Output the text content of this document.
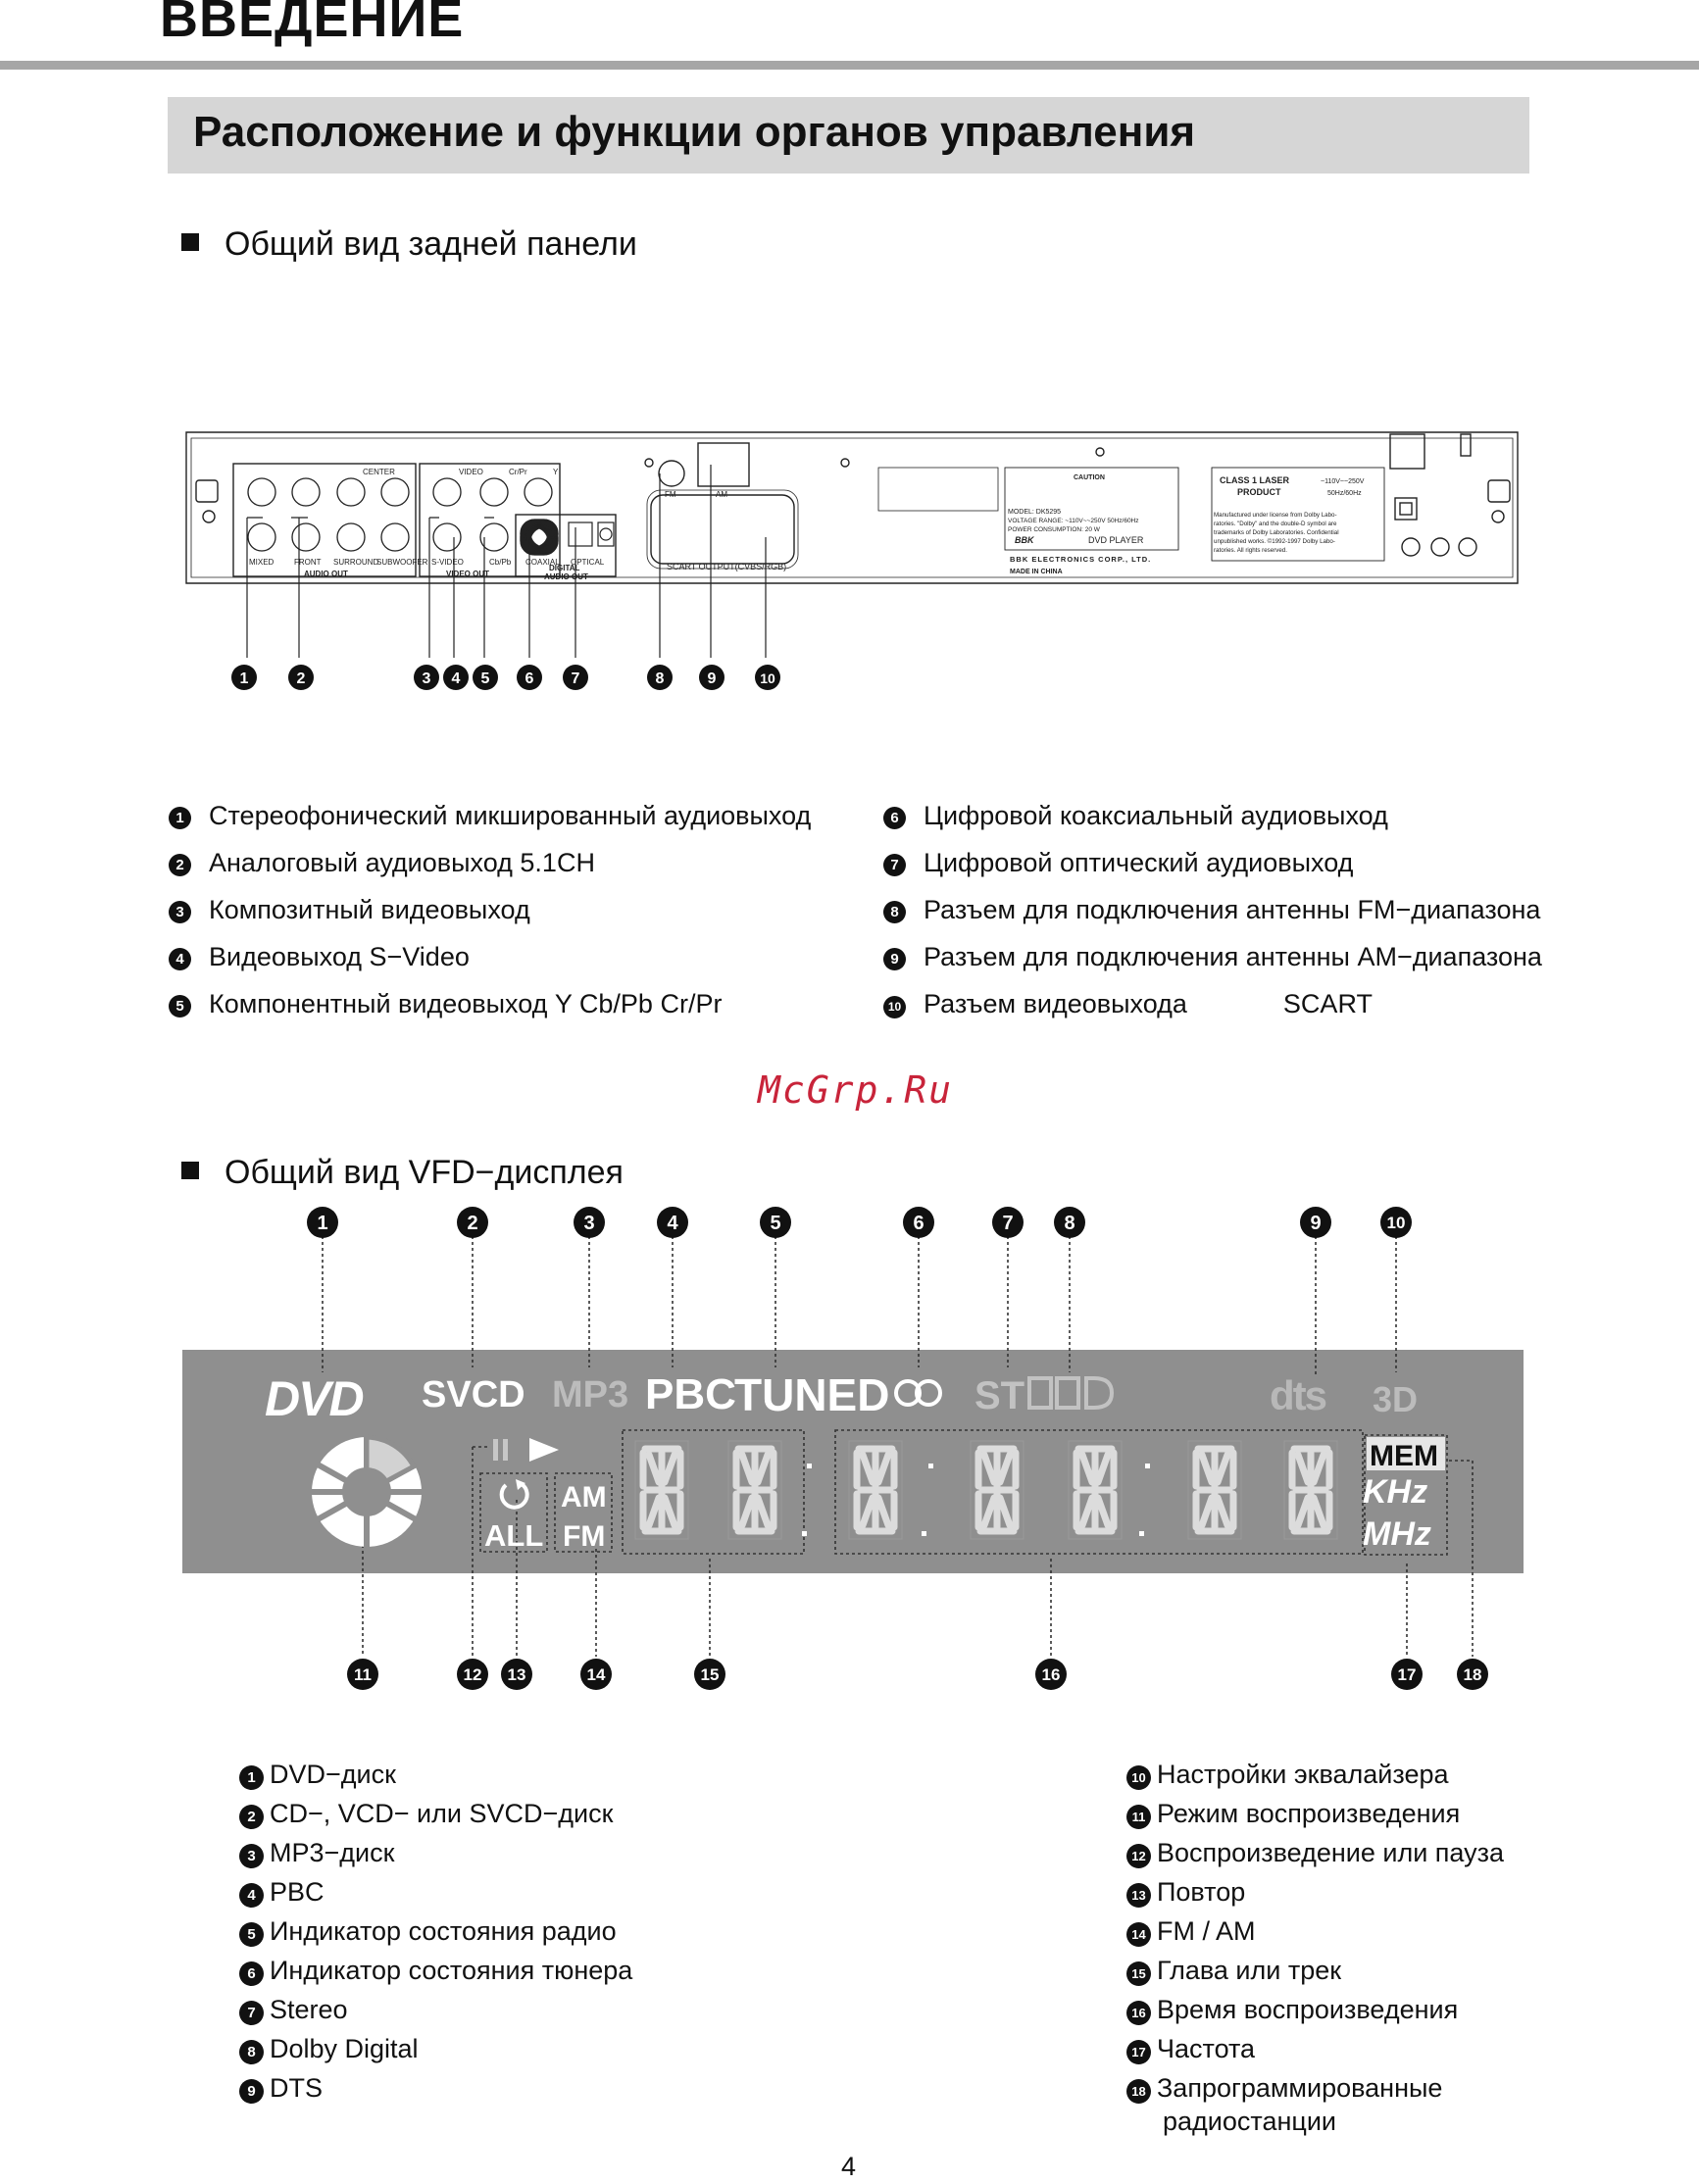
ВВЕДЕНИЕ
Расположение и функции органов управления
Общий вид задней панели
CENTER
MIXED	FRONT SURROUND
SUBWOOFER
VIDEO
S-VIDEO
Cr/Pr
Cb/Pb
Y
COAXIAL OPTICAL
AUDIO OUT	VIDEO OUT
DIGITAL
AUDIO OUT
FM	AM
SCART OUTPUT(CVBS/RGB)
CAUTION
MODEL: DK5295
VOLTAGE RANGE: ~110V~~250V 50Hz/60Hz
POWER CONSUMPTION: 20 W
BBK	DVD PLAYER
BBK ELECTRONICS CORP., LTD.
MADE IN CHINA
CLASS 1 LASER
PRODUCT
~110V~~250V
50Hz/60Hz
Manufactured under license from Dolby Labo-
ratories. "Dolby" and the double-D symbol are
trademarks of Dolby Laboratories. Confidential
unpublished works. ©1992-1997 Dolby Labo-
ratories. All rights reserved.
1	2	3 4 5 6 7	8	9	10
1 Стереофонический микшированный аудиовыход
2 Аналоговый аудиовыход 5.1CH
3 Композитный видеовыход
4 Видеовыход S−Video
5 Компонентный видеовыход Y Cb/Pb Cr/Pr
6 Цифровой коаксиальный аудиовыход
7 Цифровой оптический аудиовыход
8 Разъем для подключения антенны FM−диапазона
9 Разъем для подключения антенны AM−диапазона
10 Разъем видеовыхода	SCART
McGrp.Ru
Общий вид VFD−дисплея
DVD SVCD MP3 PBC
TUNED ST	dts 3D
ALL
AM
FM
MEM
KHz
MHz
1	2	3	4	5	6	7	8	9	10
11	12 13	14	15	16	17	18
1 DVD−диск
2 CD−, VCD− или SVCD−диск
3 MP3−диск
4 PBC
5 Индикатор состояния радио
6 Индикатор состояния тюнера
7 Stereo
8 Dolby Digital
9 DTS
10 Настройки эквалайзера
11 Режим воспроизведения
12 Воспроизведение или пауза
13 Повтор
14 FM / AM
15 Глава или трек
16 Время воспроизведения
17 Частота
18 Запрограммированные
радиостанции
4
